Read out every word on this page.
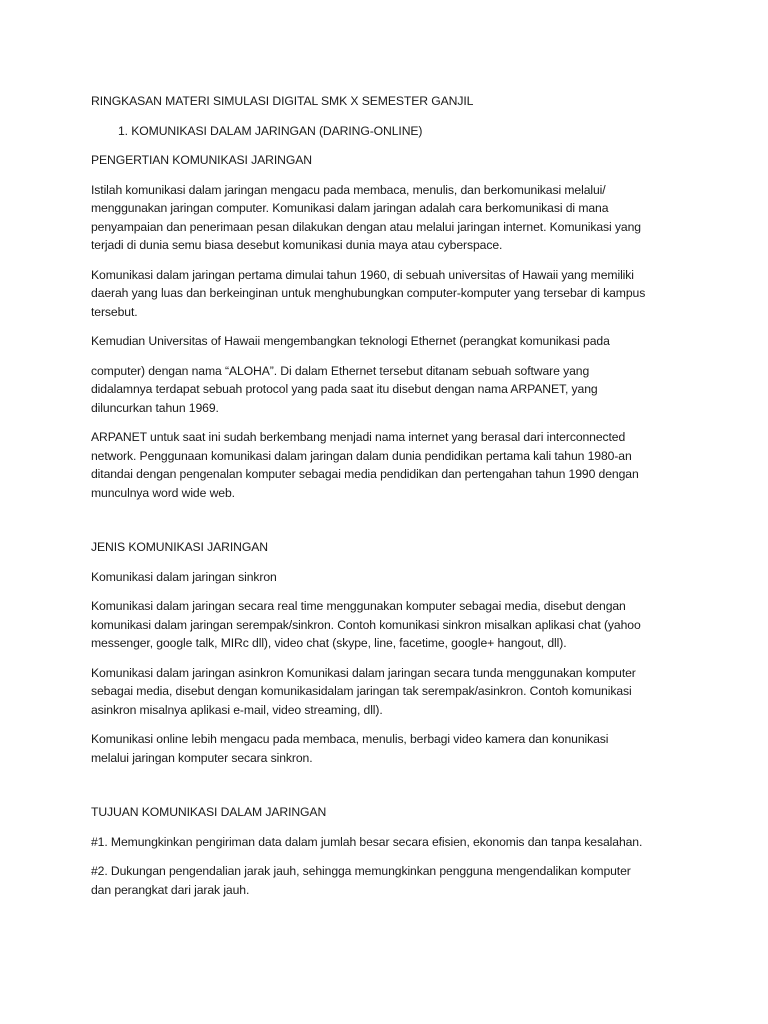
RINGKASAN MATERI SIMULASI DIGITAL SMK X SEMESTER GANJIL
1. KOMUNIKASI DALAM JARINGAN (DARING-ONLINE)
PENGERTIAN KOMUNIKASI JARINGAN
Istilah komunikasi dalam jaringan mengacu pada membaca, menulis, dan berkomunikasi melalui/
menggunakan jaringan computer. Komunikasi dalam jaringan adalah cara berkomunikasi di mana
penyampaian dan penerimaan pesan dilakukan dengan atau melalui jaringan internet. Komunikasi yang
terjadi di dunia semu biasa desebut komunikasi dunia maya atau cyberspace.
Komunikasi dalam jaringan pertama dimulai tahun 1960, di sebuah universitas of Hawaii yang memiliki
daerah yang luas dan berkeinginan untuk menghubungkan computer-komputer yang tersebar di kampus
tersebut.
Kemudian Universitas of Hawaii mengembangkan teknologi Ethernet (perangkat komunikasi pada
computer) dengan nama “ALOHA”. Di dalam Ethernet tersebut ditanam sebuah software yang
didalamnya terdapat sebuah protocol yang pada saat itu disebut dengan nama ARPANET, yang
diluncurkan tahun 1969.
ARPANET untuk saat ini sudah berkembang menjadi nama internet yang berasal dari interconnected
network. Penggunaan komunikasi dalam jaringan dalam dunia pendidikan pertama kali tahun 1980-an
ditandai dengan pengenalan komputer sebagai media pendidikan dan pertengahan tahun 1990 dengan
munculnya word wide web.
JENIS KOMUNIKASI JARINGAN
Komunikasi dalam jaringan sinkron
Komunikasi dalam jaringan secara real time menggunakan komputer sebagai media, disebut dengan
komunikasi dalam jaringan serempak/sinkron. Contoh komunikasi sinkron misalkan aplikasi chat (yahoo
messenger, google talk, MIRc dll), video chat (skype, line, facetime, google+ hangout, dll).
Komunikasi dalam jaringan asinkron Komunikasi dalam jaringan secara tunda menggunakan komputer
sebagai media, disebut dengan komunikasidalam jaringan tak serempak/asinkron. Contoh komunikasi
asinkron misalnya aplikasi e-mail, video streaming, dll).
Komunikasi online lebih mengacu pada membaca, menulis, berbagi video kamera dan konunikasi
melalui jaringan komputer secara sinkron.
TUJUAN KOMUNIKASI DALAM JARINGAN
#1. Memungkinkan pengiriman data dalam jumlah besar secara efisien, ekonomis dan tanpa kesalahan.
#2. Dukungan pengendalian jarak jauh, sehingga memungkinkan pengguna mengendalikan komputer
dan perangkat dari jarak jauh.
